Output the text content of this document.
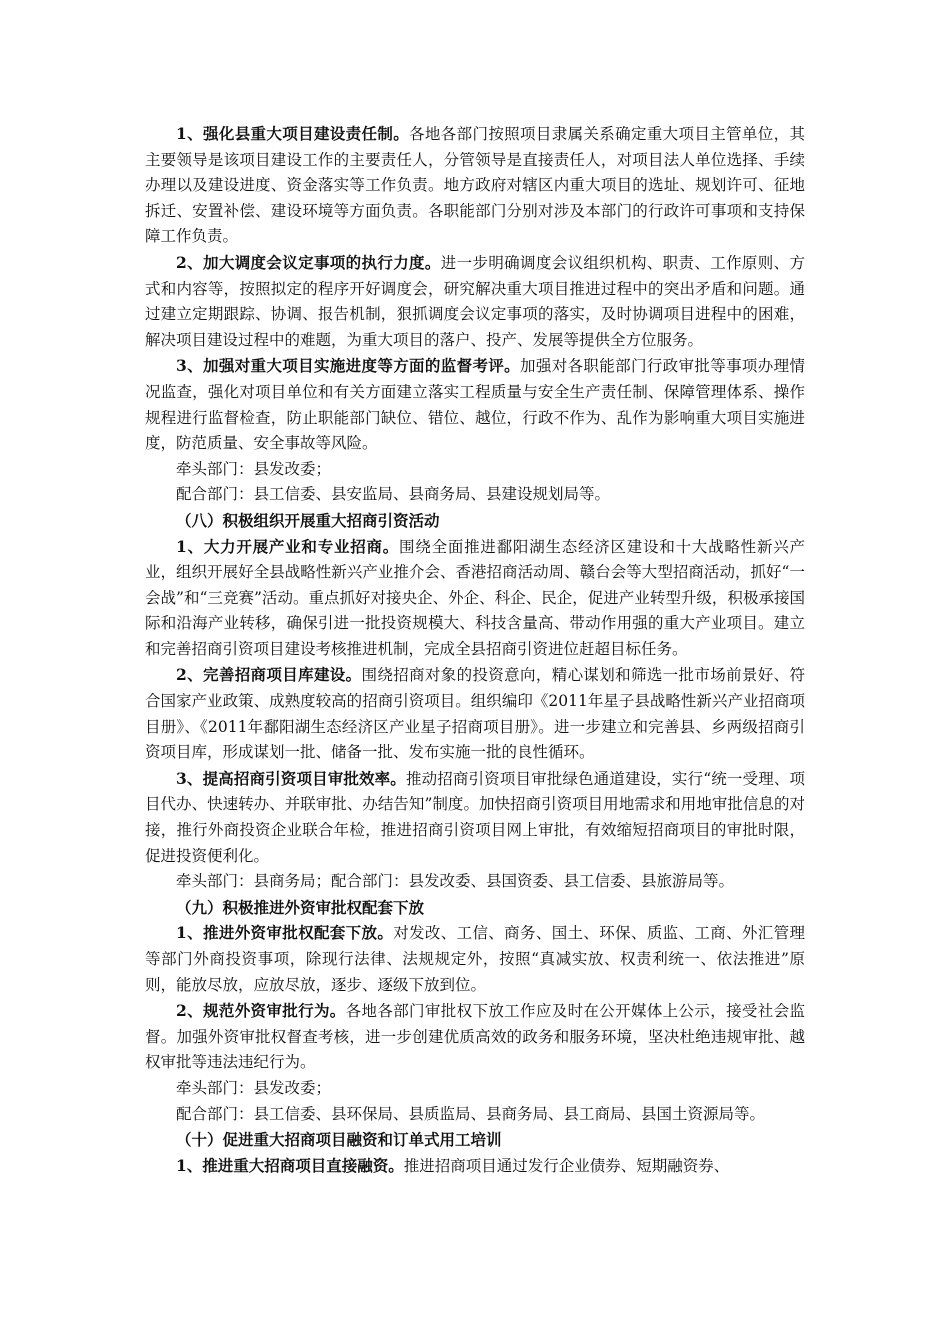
1、强化县重大项目建设责任制。各地各部门按照项目隶属关系确定重大项目主管单位，其主要领导是该项目建设工作的主要责任人，分管领导是直接责任人，对项目法人单位选择、手续办理以及建设进度、资金落实等工作负责。地方政府对辖区内重大项目的选址、规划许可、征地拆迁、安置补偿、建设环境等方面负责。各职能部门分别对涉及本部门的行政许可事项和支持保障工作负责。

2、加大调度会议定事项的执行力度。进一步明确调度会议组织机构、职责、工作原则、方式和内容等，按照拟定的程序开好调度会，研究解决重大项目推进过程中的突出矛盾和问题。通过建立定期跟踪、协调、报告机制，狠抓调度会议定事项的落实，及时协调项目进程中的困难，解决项目建设过程中的难题，为重大项目的落户、投产、发展等提供全方位服务。

3、加强对重大项目实施进度等方面的监督考评。加强对各职能部门行政审批等事项办理情况监查，强化对项目单位和有关方面建立落实工程质量与安全生产责任制、保障管理体系、操作规程进行监督检查，防止职能部门缺位、错位、越位，行政不作为、乱作为影响重大项目实施进度，防范质量、安全事故等风险。

牵头部门：县发改委；

配合部门：县工信委、县安监局、县商务局、县建设规划局等。

（八）积极组织开展重大招商引资活动

1、大力开展产业和专业招商。围绕全面推进鄱阳湖生态经济区建设和十大战略性新兴产业，组织开展好全县战略性新兴产业推介会、香港招商活动周、赣台会等大型招商活动，抓好“一会战”和“三竞赛”活动。重点抓好对接央企、外企、科企、民企，促进产业转型升级，积极承接国际和沿海产业转移，确保引进一批投资规模大、科技含量高、带动作用强的重大产业项目。建立和完善招商引资项目建设考核推进机制，完成全县招商引资进位赶超目标任务。

2、完善招商项目库建设。围绕招商对象的投资意向，精心谋划和筛选一批市场前景好、符合国家产业政策、成熟度较高的招商引资项目。组织编印《2011年星子县战略性新兴产业招商项目册》、《2011年鄱阳湖生态经济区产业星子招商项目册》。进一步建立和完善县、乡两级招商引资项目库，形成谋划一批、储备一批、发布实施一批的良性循环。

3、提高招商引资项目审批效率。推动招商引资项目审批绿色通道建设，实行“统一受理、项目代办、快速转办、并联审批、办结告知”制度。加快招商引资项目用地需求和用地审批信息的对接，推行外商投资企业联合年检，推进招商引资项目网上审批，有效缩短招商项目的审批时限，促进投资便利化。

牵头部门：县商务局；配合部门：县发改委、县国资委、县工信委、县旅游局等。

（九）积极推进外资审批权配套下放

1、推进外资审批权配套下放。对发改、工信、商务、国土、环保、质监、工商、外汇管理等部门外商投资事项，除现行法律、法规规定外，按照“真减实放、权责利统一、依法推进”原则，能放尽放，应放尽放，逐步、逐级下放到位。

2、规范外资审批行为。各地各部门审批权下放工作应及时在公开媒体上公示，接受社会监督。加强外资审批权督查考核，进一步创建优质高效的政务和服务环境，坚决杜绝违规审批、越权审批等违法违纪行为。

牵头部门：县发改委；

配合部门：县工信委、县环保局、县质监局、县商务局、县工商局、县国土资源局等。

（十）促进重大招商项目融资和订单式用工培训

1、推进重大招商项目直接融资。推进招商项目通过发行企业债券、短期融资券、
